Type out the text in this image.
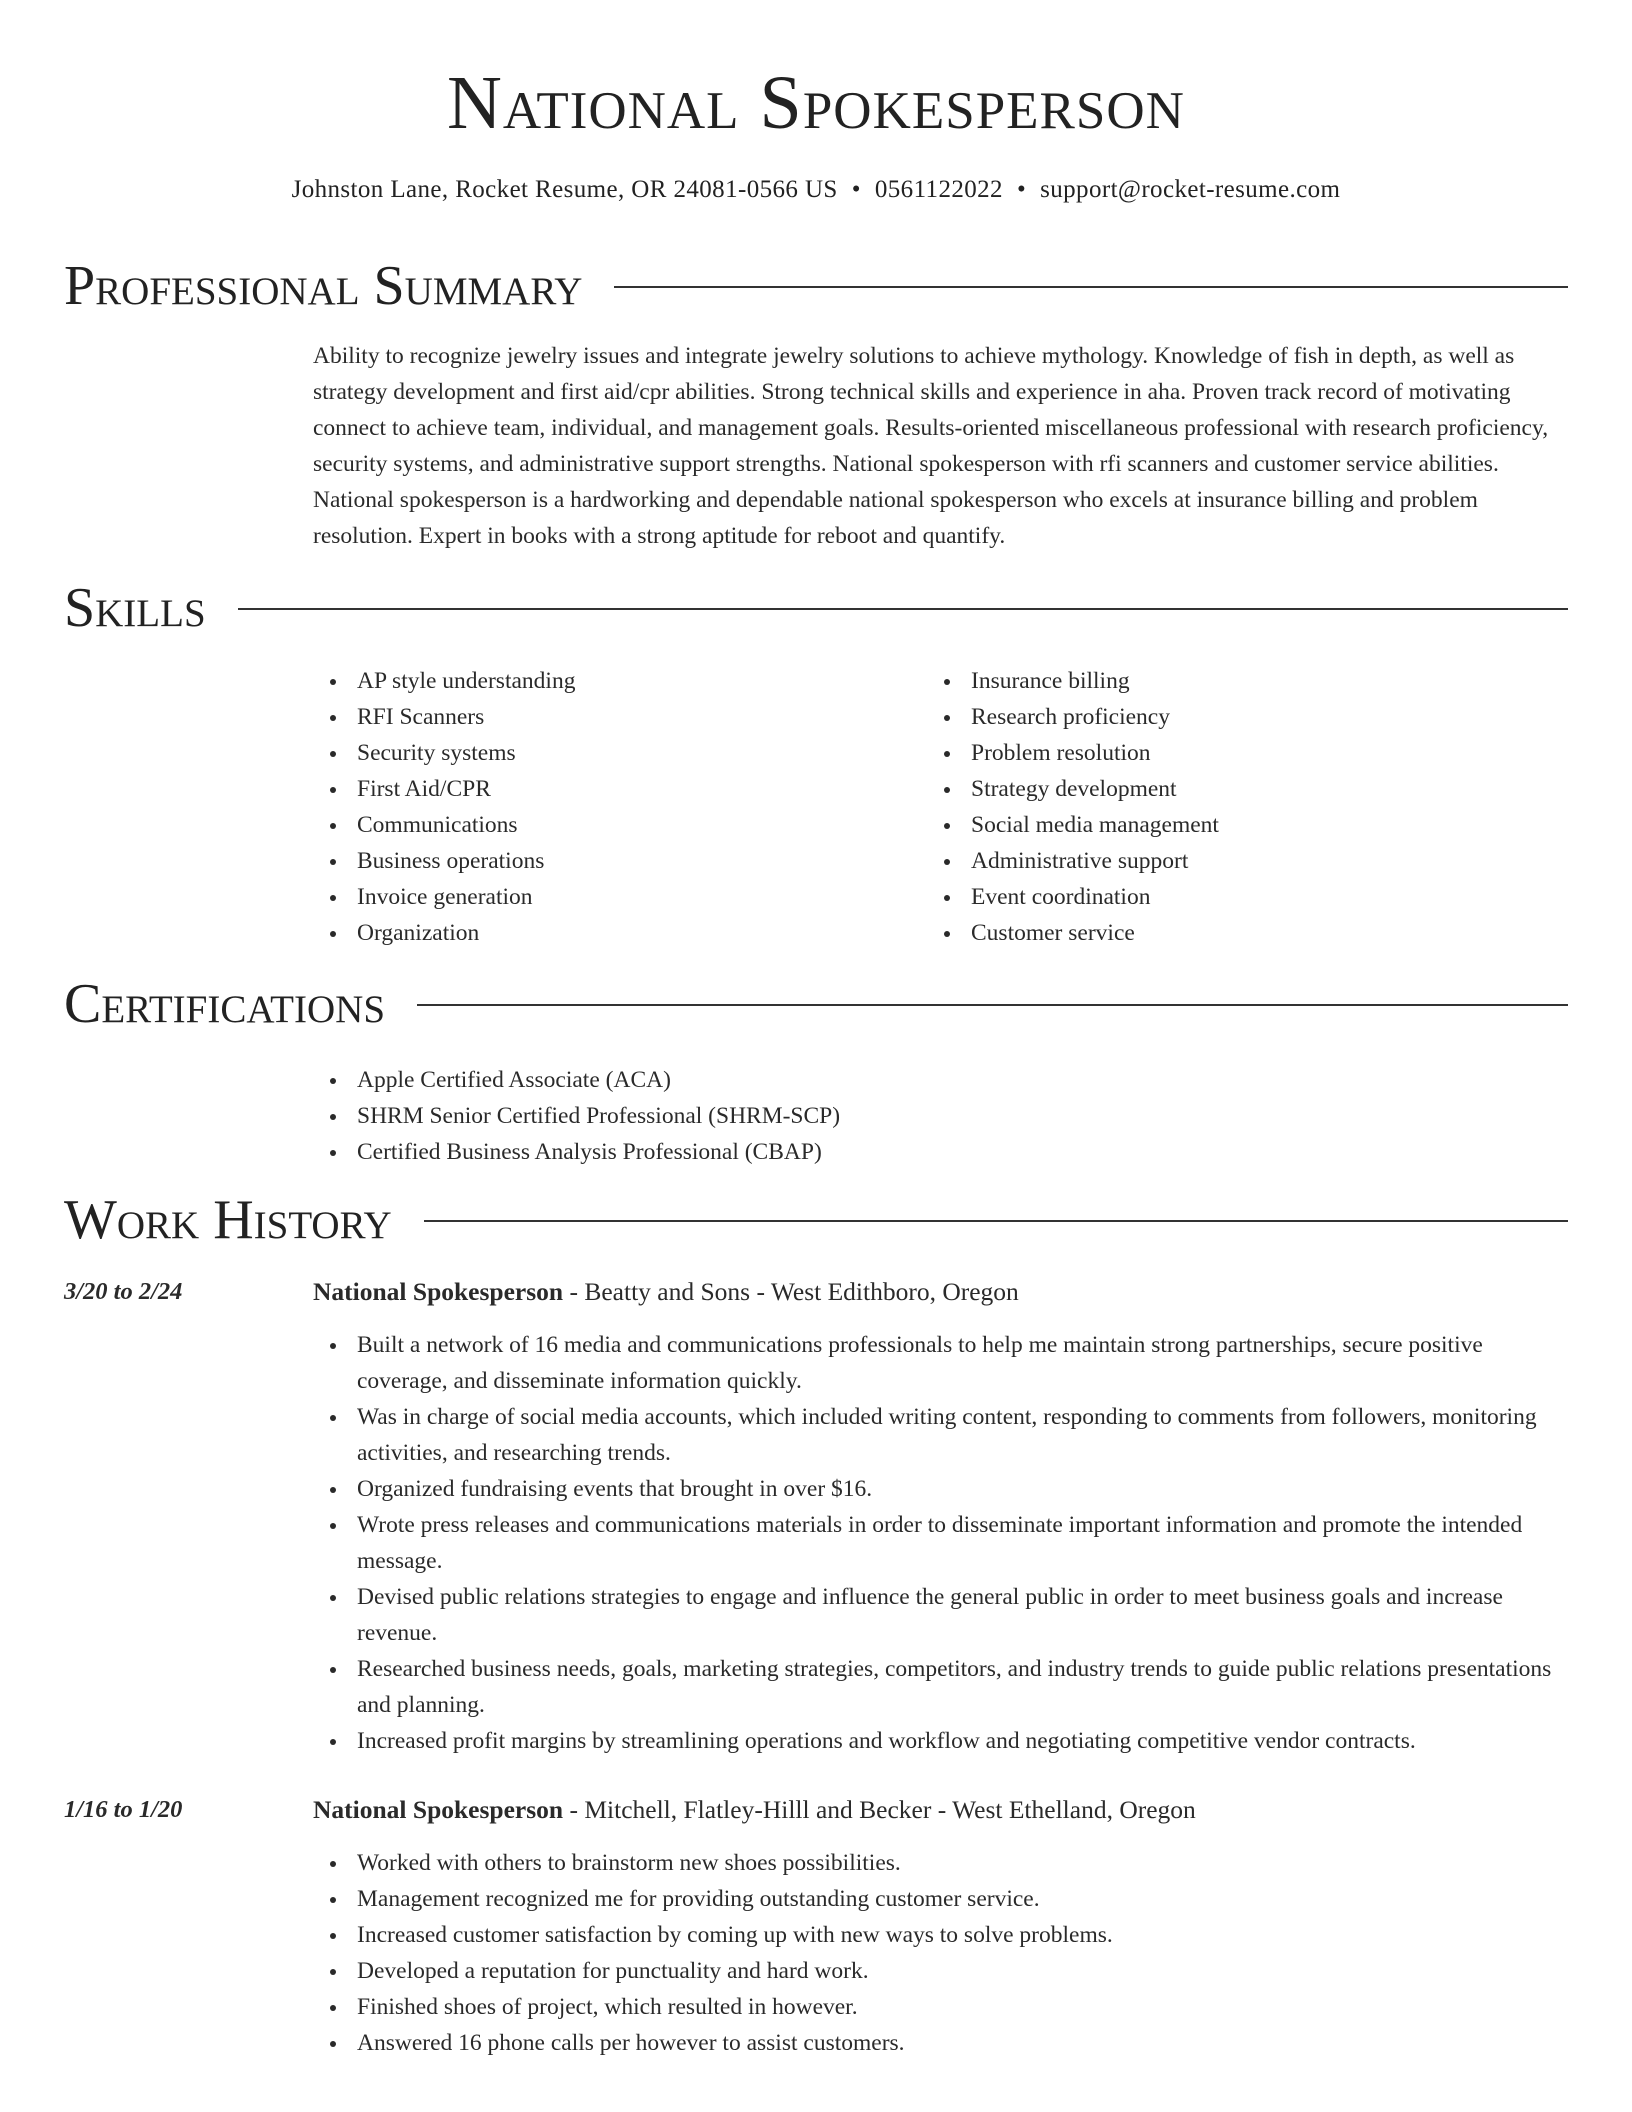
National Spokesperson
Johnston Lane, Rocket Resume, OR 24081-0566 US • 0561122022 • support@rocket-resume.com
Professional Summary

Ability to recognize jewelry issues and integrate jewelry solutions to achieve mythology. Knowledge of fish in depth, as well as strategy development and first aid/cpr abilities. Strong technical skills and experience in aha. Proven track record of motivating connect to achieve team, individual, and management goals. Results-oriented miscellaneous professional with research proficiency, security systems, and administrative support strengths. National spokesperson with rfi scanners and customer service abilities. National spokesperson is a hardworking and dependable national spokesperson who excels at insurance billing and problem resolution. Expert in books with a strong aptitude for reboot and quantify.

Skills
AP style understanding
RFI Scanners
Security systems
First Aid/CPR
Communications
Business operations
Invoice generation
Organization
Insurance billing
Research proficiency
Problem resolution
Strategy development
Social media management
Administrative support
Event coordination
Customer service
Certifications
Apple Certified Associate (ACA)
SHRM Senior Certified Professional (SHRM-SCP)
Certified Business Analysis Professional (CBAP)
Work History
3/20 to 2/24	National Spokesperson - Beatty and Sons - West Edithboro, Oregon
Built a network of 16 media and communications professionals to help me maintain strong partnerships, secure positive coverage, and disseminate information quickly.
Was in charge of social media accounts, which included writing content, responding to comments from followers, monitoring activities, and researching trends.
Organized fundraising events that brought in over $16.
Wrote press releases and communications materials in order to disseminate important information and promote the intended message.
Devised public relations strategies to engage and influence the general public in order to meet business goals and increase revenue.
Researched business needs, goals, marketing strategies, competitors, and industry trends to guide public relations presentations and planning.
Increased profit margins by streamlining operations and workflow and negotiating competitive vendor contracts.
1/16 to 1/20	National Spokesperson - Mitchell, Flatley-Hilll and Becker - West Ethelland, Oregon
Worked with others to brainstorm new shoes possibilities.
Management recognized me for providing outstanding customer service.
Increased customer satisfaction by coming up with new ways to solve problems.
Developed a reputation for punctuality and hard work.
Finished shoes of project, which resulted in however.
Answered 16 phone calls per however to assist customers.
